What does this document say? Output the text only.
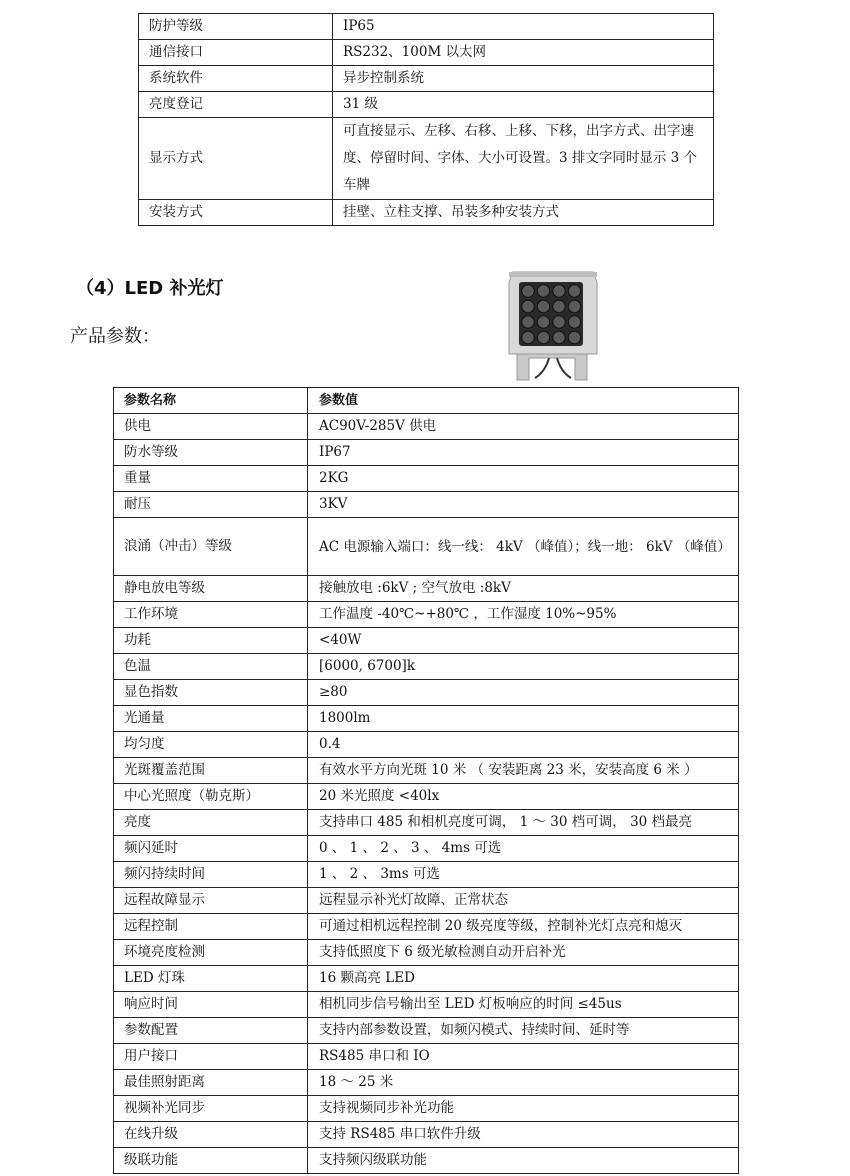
防护等级	IP65
通信接口	RS232、100M 以太网
系统软件	异步控制系统
亮度登记	31 级
显示方式	可直接显示、左移、右移、上移、下移，出字方式、出字速度、停留时间、字体、大小可设置。3 排文字同时显示 3 个车牌
安装方式	挂壁、立柱支撑、吊装多种安装方式
（4）LED 补光灯
产品参数：
参数名称	参数值
供电	AC90V-285V 供电
防水等级	IP67
重量	2KG
耐压	3KV
浪涌（冲击）等级	AC 电源输入端口：线一线： 4kV （峰值）；线一地： 6kV （峰值）
静电放电等级	接触放电 :6kV ; 空气放电 :8kV
工作环境	工作温度 -40℃~+80℃ ，工作湿度 10%~95%
功耗	<40W
色温	[6000, 6700]k
显色指数	≥80
光通量	1800lm
均匀度	0.4
光斑覆盖范围	有效水平方向光斑 10 米 （ 安装距离 23 米，安装高度 6 米 ）
中心光照度（勒克斯）	20 米光照度 <40lx
亮度	支持串口 485 和相机亮度可调， 1 ～ 30 档可调， 30 档最亮
频闪延时	0 、 1 、 2 、 3 、 4ms 可选
频闪持续时间	1 、 2 、 3ms 可选
远程故障显示	远程显示补光灯故障、正常状态
远程控制	可通过相机远程控制 20 级亮度等级，控制补光灯点亮和熄灭
环境亮度检测	支持低照度下 6 级光敏检测自动开启补光
LED 灯珠	16 颗高亮 LED
响应时间	相机同步信号输出至 LED 灯板响应的时间 ≤45us
参数配置	支持内部参数设置，如频闪模式、持续时间、延时等
用户接口	RS485 串口和 IO
最佳照射距离	18 ～ 25 米
视频补光同步	支持视频同步补光功能
在线升级	支持 RS485 串口软件升级
级联功能	支持频闪级联功能
